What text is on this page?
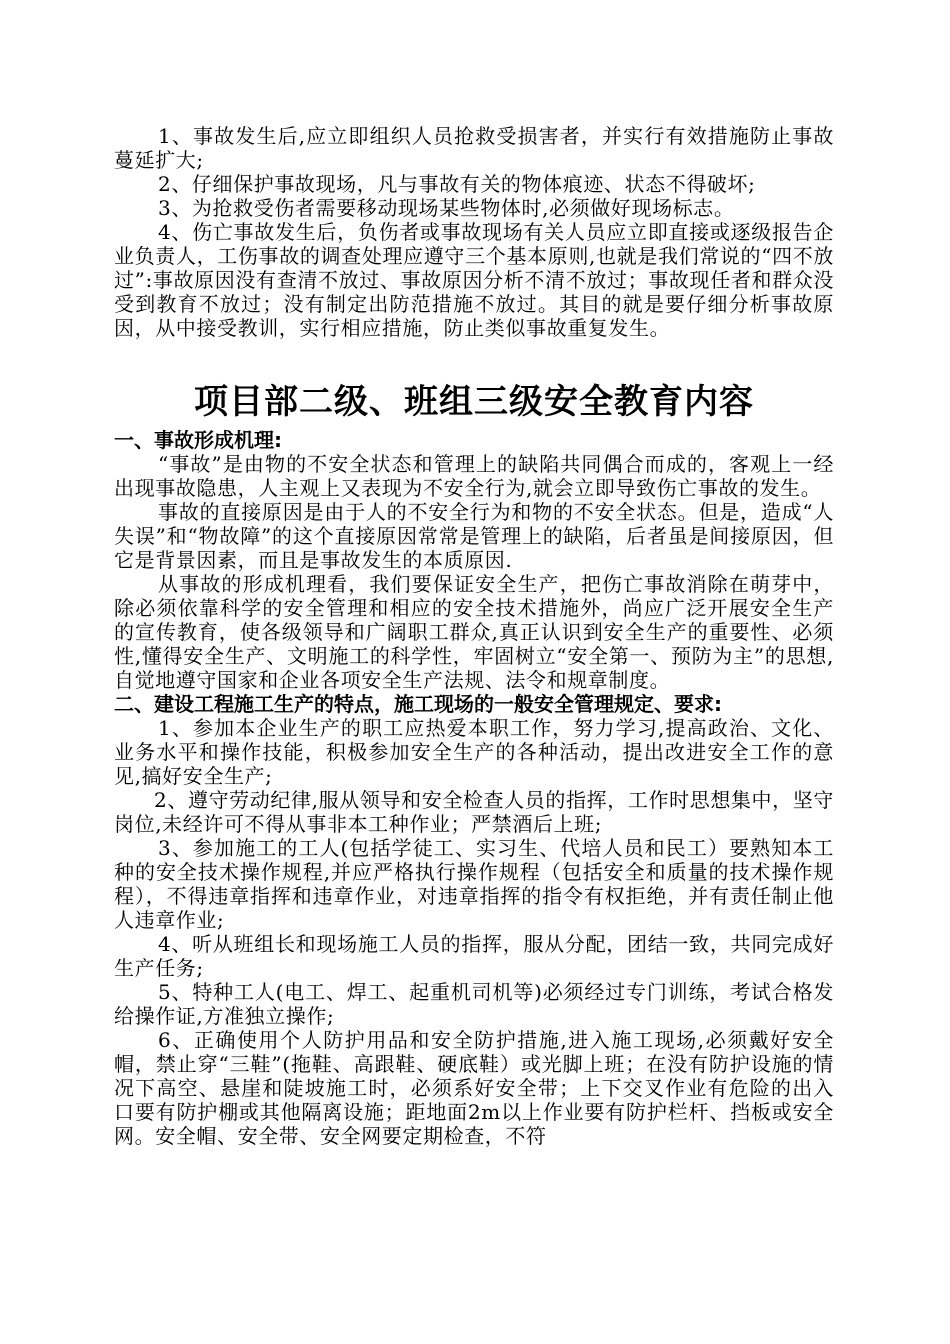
1、事故发生后,应立即组织人员抢救受损害者，并实行有效措施防止事故蔓延扩大;

2、仔细保护事故现场，凡与事故有关的物体痕迹、状态不得破坏;

3、为抢救受伤者需要移动现场某些物体时,必须做好现场标志。

4、伤亡事故发生后，负伤者或事故现场有关人员应立即直接或逐级报告企业负责人，工伤事故的调查处理应遵守三个基本原则,也就是我们常说的“四不放过”:事故原因没有查清不放过、事故原因分析不清不放过；事故现任者和群众没受到教育不放过；没有制定出防范措施不放过。其目的就是要仔细分析事故原因，从中接受教训，实行相应措施，防止类似事故重复发生。

项目部二级、班组三级安全教育内容

一、事故形成机理:

“事故”是由物的不安全状态和管理上的缺陷共同偶合而成的，客观上一经出现事故隐患，人主观上又表现为不安全行为,就会立即导致伤亡事故的发生。

事故的直接原因是由于人的不安全行为和物的不安全状态。但是，造成“人失误”和“物故障”的这个直接原因常常是管理上的缺陷，后者虽是间接原因，但它是背景因素，而且是事故发生的本质原因.

从事故的形成机理看，我们要保证安全生产，把伤亡事故消除在萌芽中，除必须依靠科学的安全管理和相应的安全技术措施外，尚应广泛开展安全生产的宣传教育，使各级领导和广阔职工群众,真正认识到安全生产的重要性、必须性,懂得安全生产、文明施工的科学性，牢固树立“安全第一、预防为主”的思想,自觉地遵守国家和企业各项安全生产法规、法令和规章制度。

二、建设工程施工生产的特点，施工现场的一般安全管理规定、要求:

1、参加本企业生产的职工应热爱本职工作，努力学习,提高政治、文化、业务水平和操作技能，积极参加安全生产的各种活动，提出改进安全工作的意见,搞好安全生产;

2、遵守劳动纪律,服从领导和安全检查人员的指挥，工作时思想集中，坚守岗位,未经许可不得从事非本工种作业；严禁酒后上班;

3、参加施工的工人(包括学徒工、实习生、代培人员和民工）要熟知本工种的安全技术操作规程,并应严格执行操作规程（包括安全和质量的技术操作规程），不得违章指挥和违章作业，对违章指挥的指令有权拒绝，并有责任制止他人违章作业;

4、听从班组长和现场施工人员的指挥，服从分配，团结一致，共同完成好生产任务;

5、特种工人(电工、焊工、起重机司机等)必须经过专门训练，考试合格发给操作证,方准独立操作;

6、正确使用个人防护用品和安全防护措施,进入施工现场,必须戴好安全帽，禁止穿“三鞋”(拖鞋、高跟鞋、硬底鞋）或光脚上班；在没有防护设施的情况下高空、悬崖和陡坡施工时，必须系好安全带；上下交叉作业有危险的出入口要有防护棚或其他隔离设施；距地面2m以上作业要有防护栏杆、挡板或安全网。安全帽、安全带、安全网要定期检查，不符
